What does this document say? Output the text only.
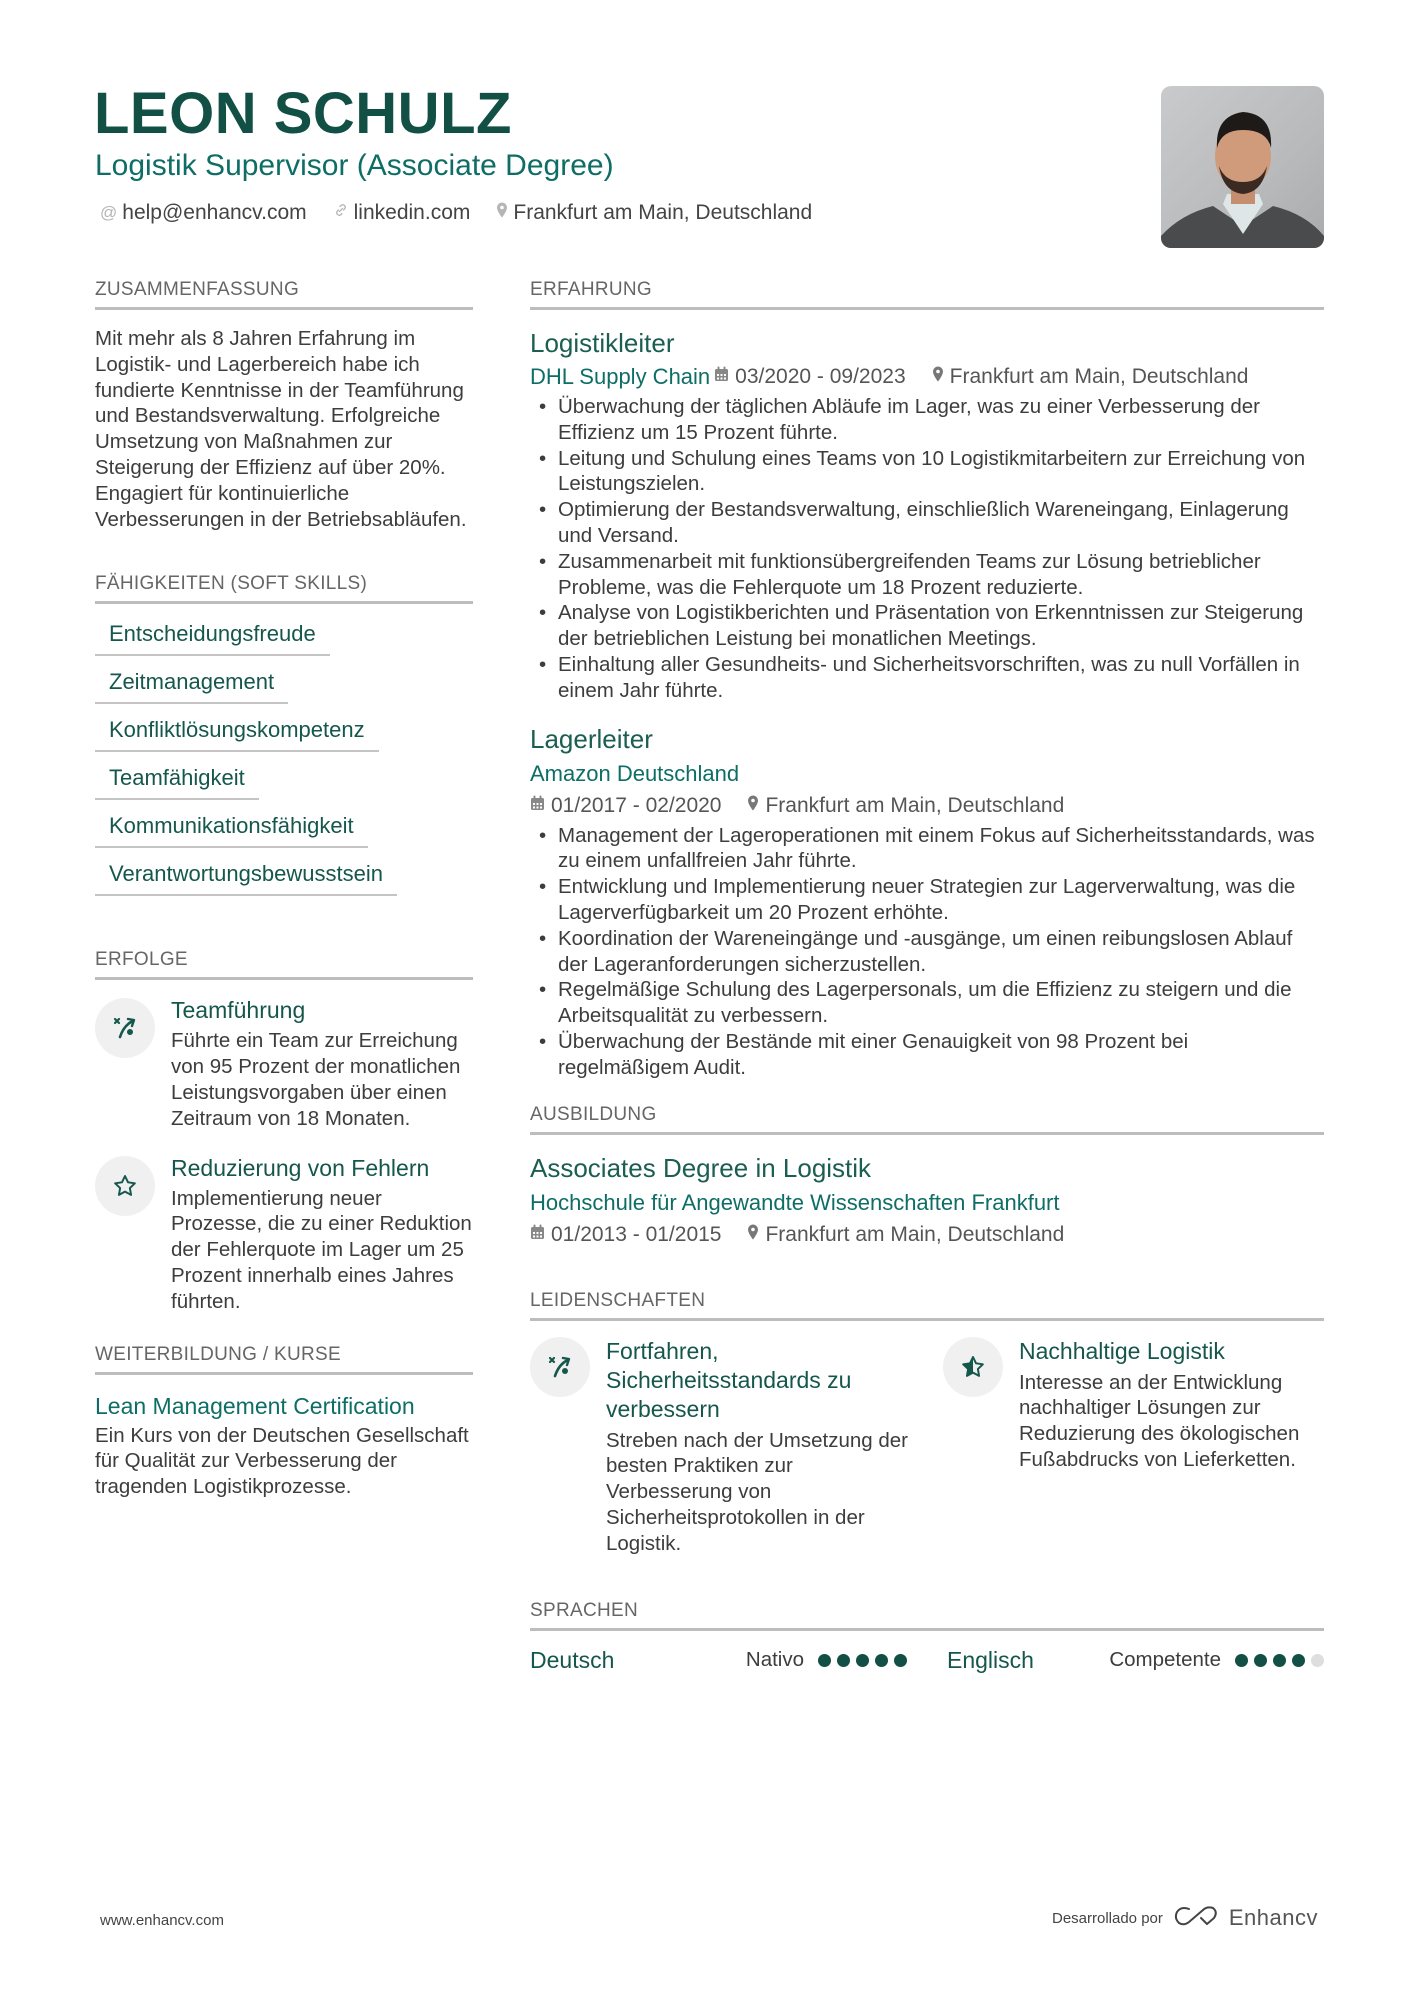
LEON SCHULZ
Logistik Supervisor (Associate Degree)
@ help@enhancv.com linkedin.com Frankfurt am Main, Deutschland
ZUSAMMENFASSUNG

Mit mehr als 8 Jahren Erfahrung im Logistik- und Lagerbereich habe ich fundierte Kenntnisse in der Teamführung und Bestandsverwaltung. Erfolgreiche Umsetzung von Maßnahmen zur Steigerung der Effizienz auf über 20%. Engagiert für kontinuierliche Verbesserungen in der Betriebsabläufen.

FÄHIGKEITEN (SOFT SKILLS)
Entscheidungsfreude
Zeitmanagement
Konfliktlösungskompetenz
Teamfähigkeit
Kommunikationsfähigkeit
Verantwortungsbewusstsein
ERFOLGE
Teamführung

Führte ein Team zur Erreichung von 95 Prozent der monatlichen Leistungsvorgaben über einen Zeitraum von 18 Monaten.

Reduzierung von Fehlern

Implementierung neuer Prozesse, die zu einer Reduktion der Fehlerquote im Lager um 25 Prozent innerhalb eines Jahres führten.

WEITERBILDUNG / KURSE
Lean Management Certification

Ein Kurs von der Deutschen Gesellschaft für Qualität zur Verbesserung der tragenden Logistikprozesse.

ERFAHRUNG
Logistikleiter
DHL Supply Chain 03/2020 - 09/2023 Frankfurt am Main, Deutschland
• Überwachung der täglichen Abläufe im Lager, was zu einer Verbesserung der Effizienz um 15 Prozent führte.
• Leitung und Schulung eines Teams von 10 Logistikmitarbeitern zur Erreichung von Leistungszielen.
• Optimierung der Bestandsverwaltung, einschließlich Wareneingang, Einlagerung und Versand.
• Zusammenarbeit mit funktionsübergreifenden Teams zur Lösung betrieblicher Probleme, was die Fehlerquote um 18 Prozent reduzierte.
• Analyse von Logistikberichten und Präsentation von Erkenntnissen zur Steigerung der betrieblichen Leistung bei monatlichen Meetings.
• Einhaltung aller Gesundheits- und Sicherheitsvorschriften, was zu null Vorfällen in einem Jahr führte.
Lagerleiter
Amazon Deutschland
01/2017 - 02/2020 Frankfurt am Main, Deutschland
• Management der Lageroperationen mit einem Fokus auf Sicherheitsstandards, was zu einem unfallfreien Jahr führte.
• Entwicklung und Implementierung neuer Strategien zur Lagerverwaltung, was die Lagerverfügbarkeit um 20 Prozent erhöhte.
• Koordination der Wareneingänge und -ausgänge, um einen reibungslosen Ablauf der Lageranforderungen sicherzustellen.
• Regelmäßige Schulung des Lagerpersonals, um die Effizienz zu steigern und die Arbeitsqualität zu verbessern.
• Überwachung der Bestände mit einer Genauigkeit von 98 Prozent bei regelmäßigem Audit.
AUSBILDUNG
Associates Degree in Logistik
Hochschule für Angewandte Wissenschaften Frankfurt
01/2013 - 01/2015 Frankfurt am Main, Deutschland
LEIDENSCHAFTEN
Fortfahren, Sicherheitsstandards zu verbessern

Streben nach der Umsetzung der besten Praktiken zur Verbesserung von Sicherheitsprotokollen in der Logistik.

Nachhaltige Logistik

Interesse an der Entwicklung nachhaltiger Lösungen zur Reduzierung des ökologischen Fußabdrucks von Lieferketten.

SPRACHEN
Deutsch	Nativo	Englisch	Competente
www.enhancv.com	Desarrollado por	Enhancv
